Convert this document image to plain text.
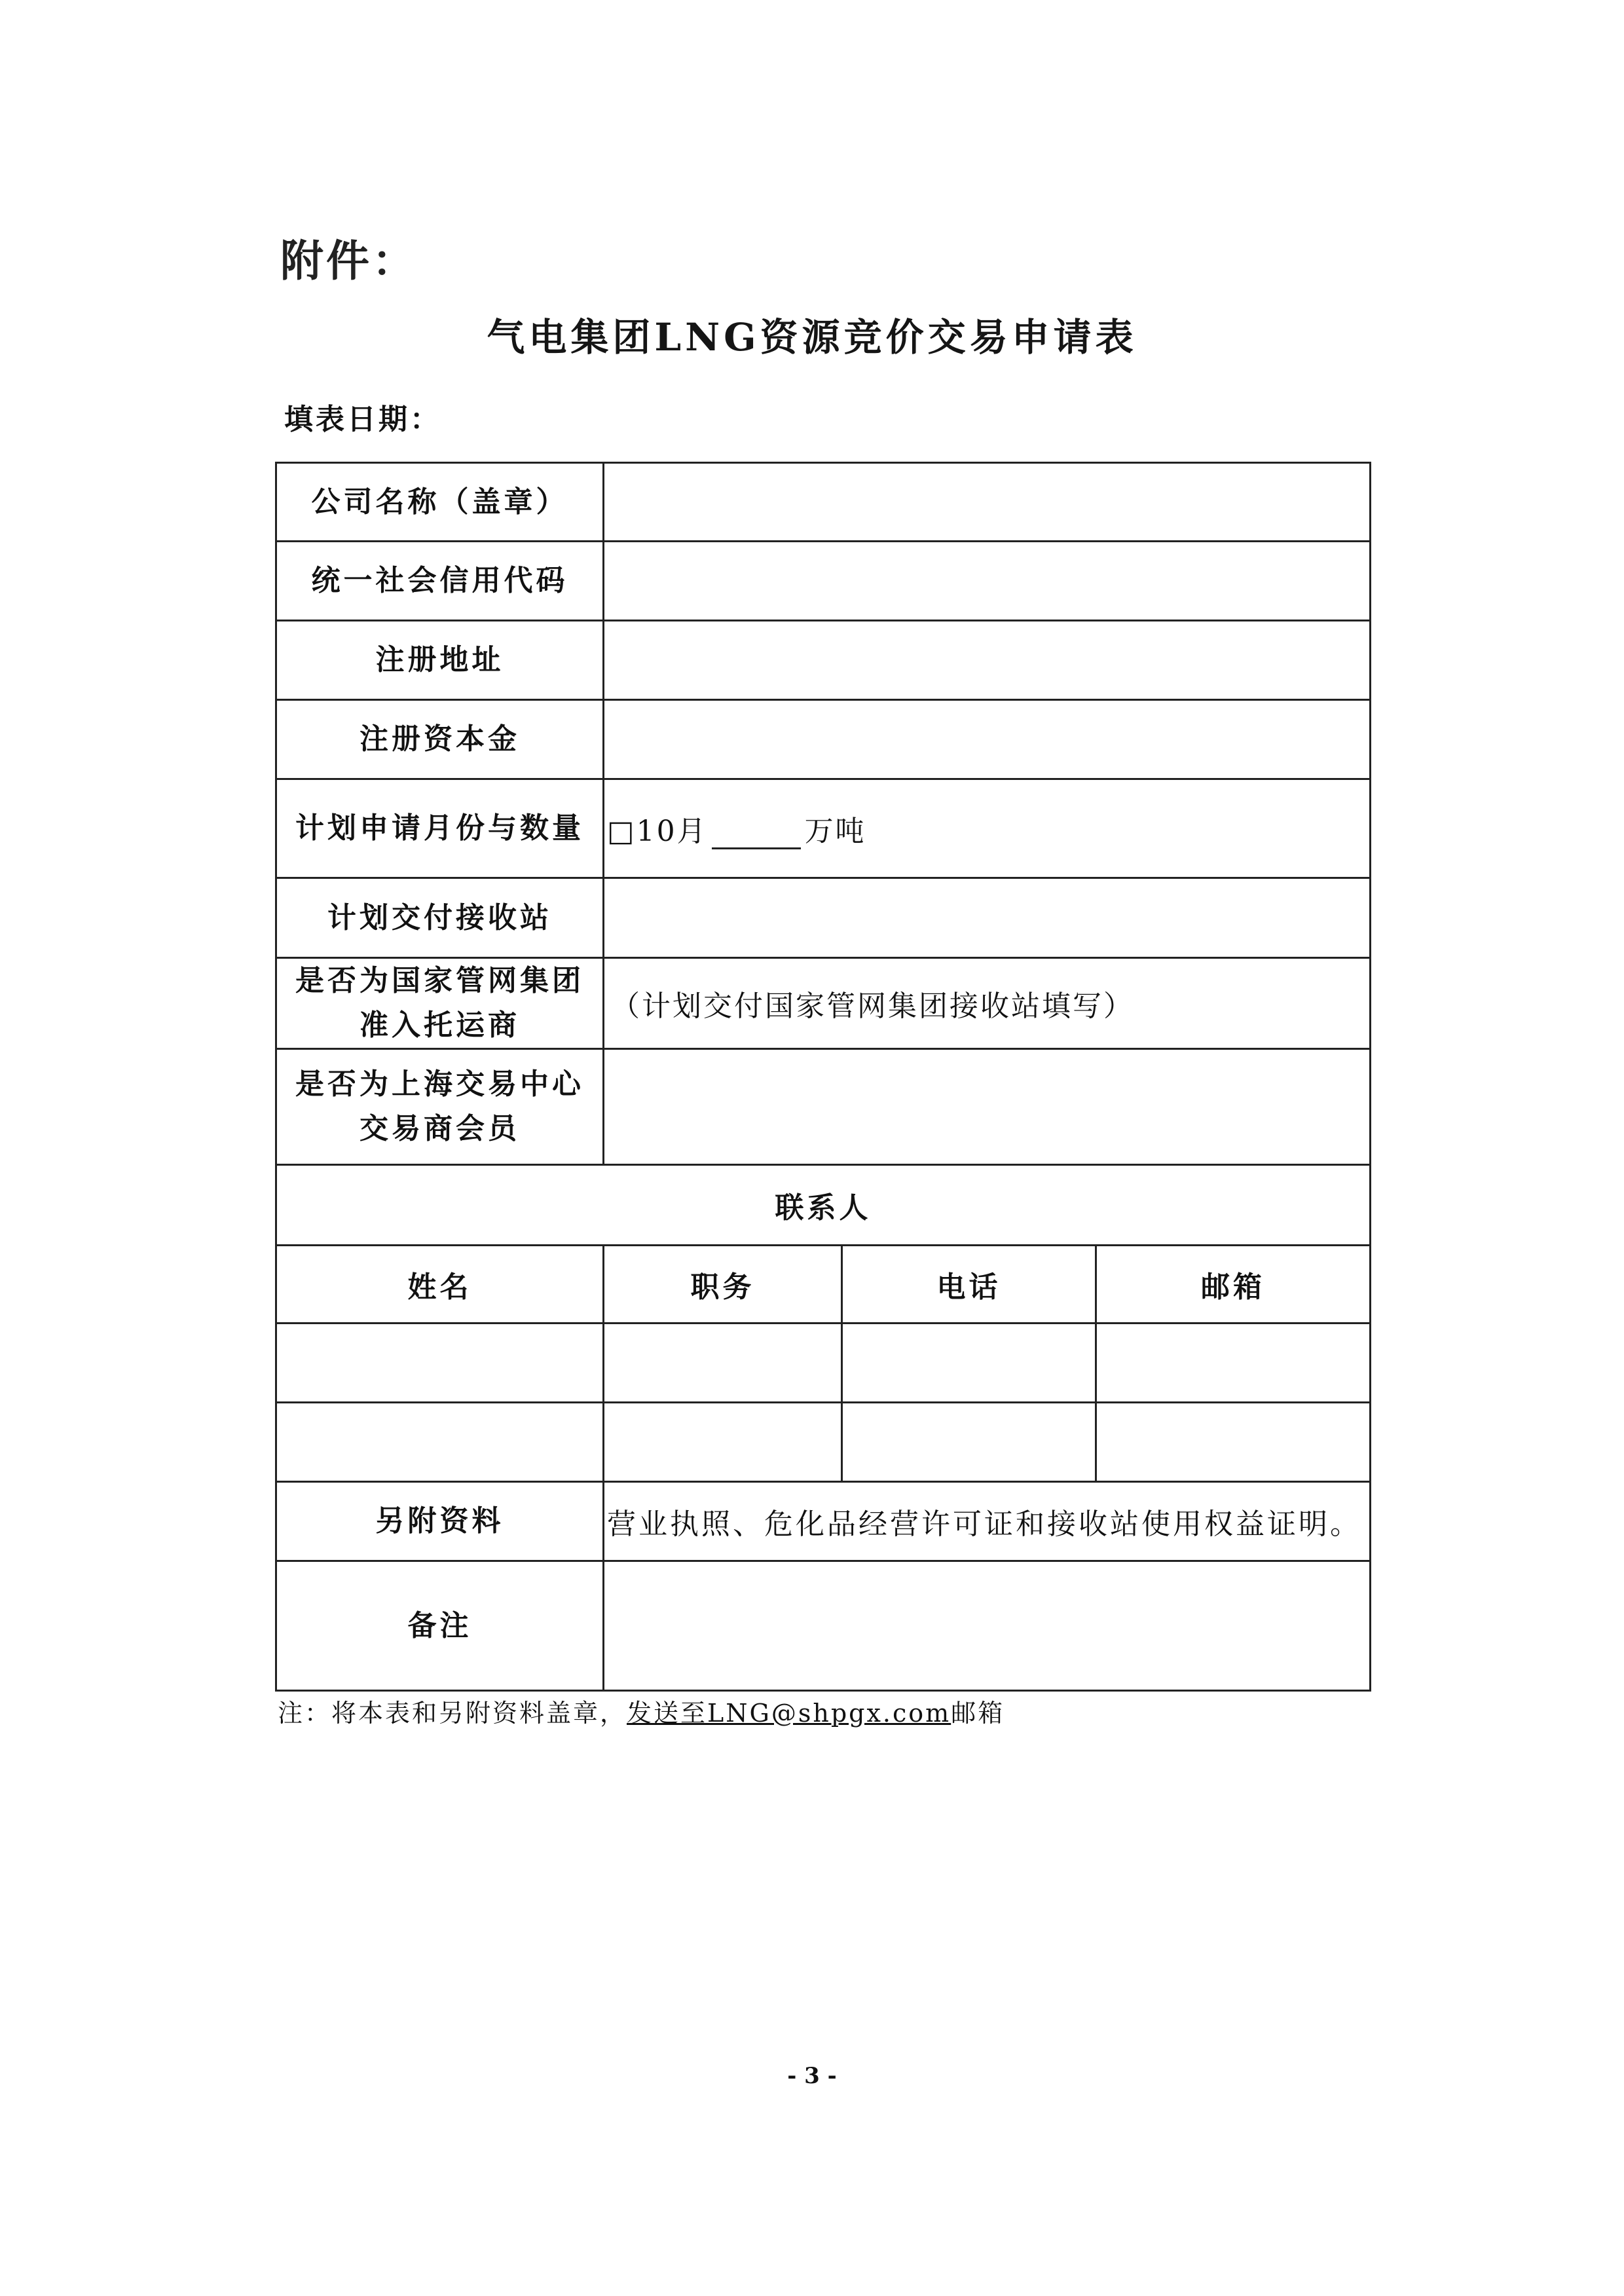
附件：
气电集团LNG资源竞价交易申请表
填表日期：
公司名称（盖章）			
统一社会信用代码			
注册地址			
注册资本金			
计划申请月份与数量	□10月 万吨		
计划交付接收站			
是否为国家管网集团准入托运商	（计划交付国家管网集团接收站填写）		
是否为上海交易中心交易商会员			
联系人			
姓名	职务	电话	邮箱

另附资料	营业执照、危化品经营许可证和接收站使用权益证明。		
备注			
注：将本表和另附资料盖章，发送至LNG@shpgx.com邮箱
- 3 -
